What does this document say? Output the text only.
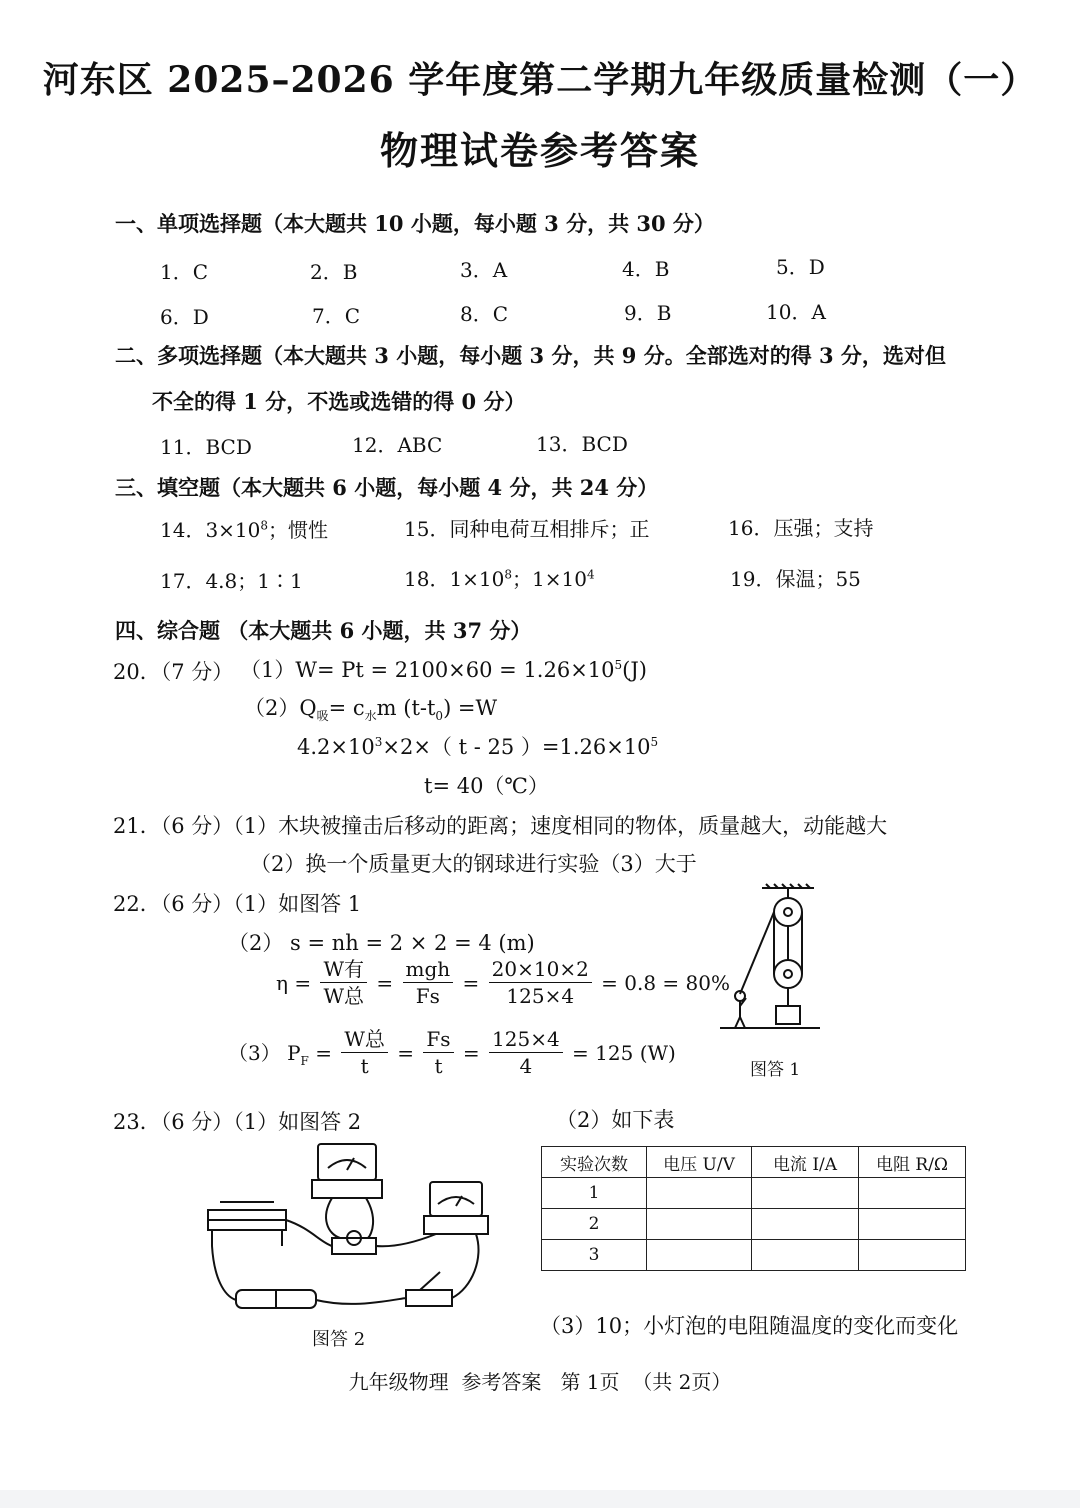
河东区 2025–2026 学年度第二学期九年级质量检测（一）
物理试卷参考答案
一、单项选择题（本大题共 10 小题，每小题 3 分，共 30 分）
1．C	2．B	3．A	4．B	5．D
6．D	7．C	8．C	9．B	10．A
二、多项选择题（本大题共 3 小题，每小题 3 分，共 9 分。全部选对的得 3 分，选对但
不全的得 1 分，不选或选错的得 0 分）
11．BCD	12．ABC	13．BCD
三、填空题（本大题共 6 小题，每小题 4 分，共 24 分）
14．$3\times 10^8$；惯性	15．同种电荷互相排斥；正	16．压强；支持
17．4.8；1∶1	18．$1\times 10^8$；$1\times 10^4$	19．保温；55
四、综合题 （本大题共 6 小题，共 37 分）
20．（7 分） $(1)W= Pt = 2100\times 60 = 1.26\times 10^5(J)$
$(2)Q_吸= c_水m$ $(t-t_0) =W$
$4.2\times 10^3\times 2\times$（ t - 25 ）$=1.26\times 10^5$
t= 40（℃）
21．（6 分）（1）木块被撞击后移动的距离；速度相同的物体，质量越大，动能越大
（2）换一个质量更大的钢球进行实验（3）大于
22．（6 分）（1）如图答 1
（2） s = nh = 2 × 2 = 4 (m)
$\eta = \frac{\text{W有}}{\text{W总}} = \frac{\text{mgh}}{Fs} = \frac{20\times 10\times 2}{125\times 4} = 0.8 = 80\%$
（3） $P_F = \frac{\text{W总}}{t} = \frac{Fs}{t} = \frac{125\times 4}{4} = 125$ (W)
图答 1
23．（6 分）（1）如图答 2	（2）如下表
图答 2
实验次数	电压 U/V	电流 I/A	电阻 R/Ω
1			
2			
3			
（3）10；小灯泡的电阻随温度的变化而变化
九年级物理  参考答案   第 1页  （共 2页）
